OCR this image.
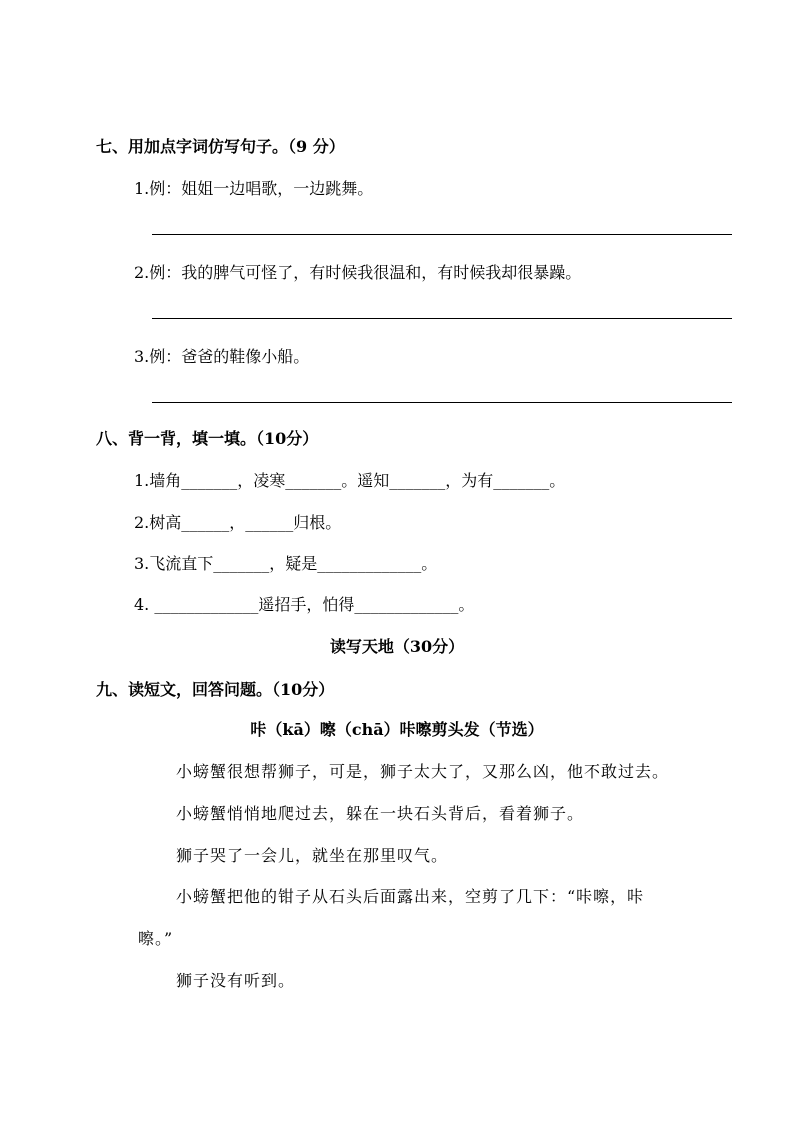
七、用加点字词仿写句子。（9 分）
1.例：姐姐一边唱歌，一边跳舞。
2.例：我的脾气可怪了，有时候我很温和，有时候我却很暴躁。
3.例：爸爸的鞋像小船。
八、背一背，填一填。（10分）
1.墙角_______，凌寒_______。遥知_______，为有_______。
2.树高______，______归根。
3.飞流直下_______，疑是_____________。
4. _____________遥招手，怕得_____________。
读写天地（30分）
九、读短文，回答问题。（10分）
咔（kā）嚓（chā）咔嚓剪头发（节选）
小螃蟹很想帮狮子，可是，狮子太大了，又那么凶，他不敢过去。
小螃蟹悄悄地爬过去，躲在一块石头背后，看着狮子。
狮子哭了一会儿，就坐在那里叹气。
小螃蟹把他的钳子从石头后面露出来，空剪了几下：“咔嚓，咔
嚓。”
狮子没有听到。
